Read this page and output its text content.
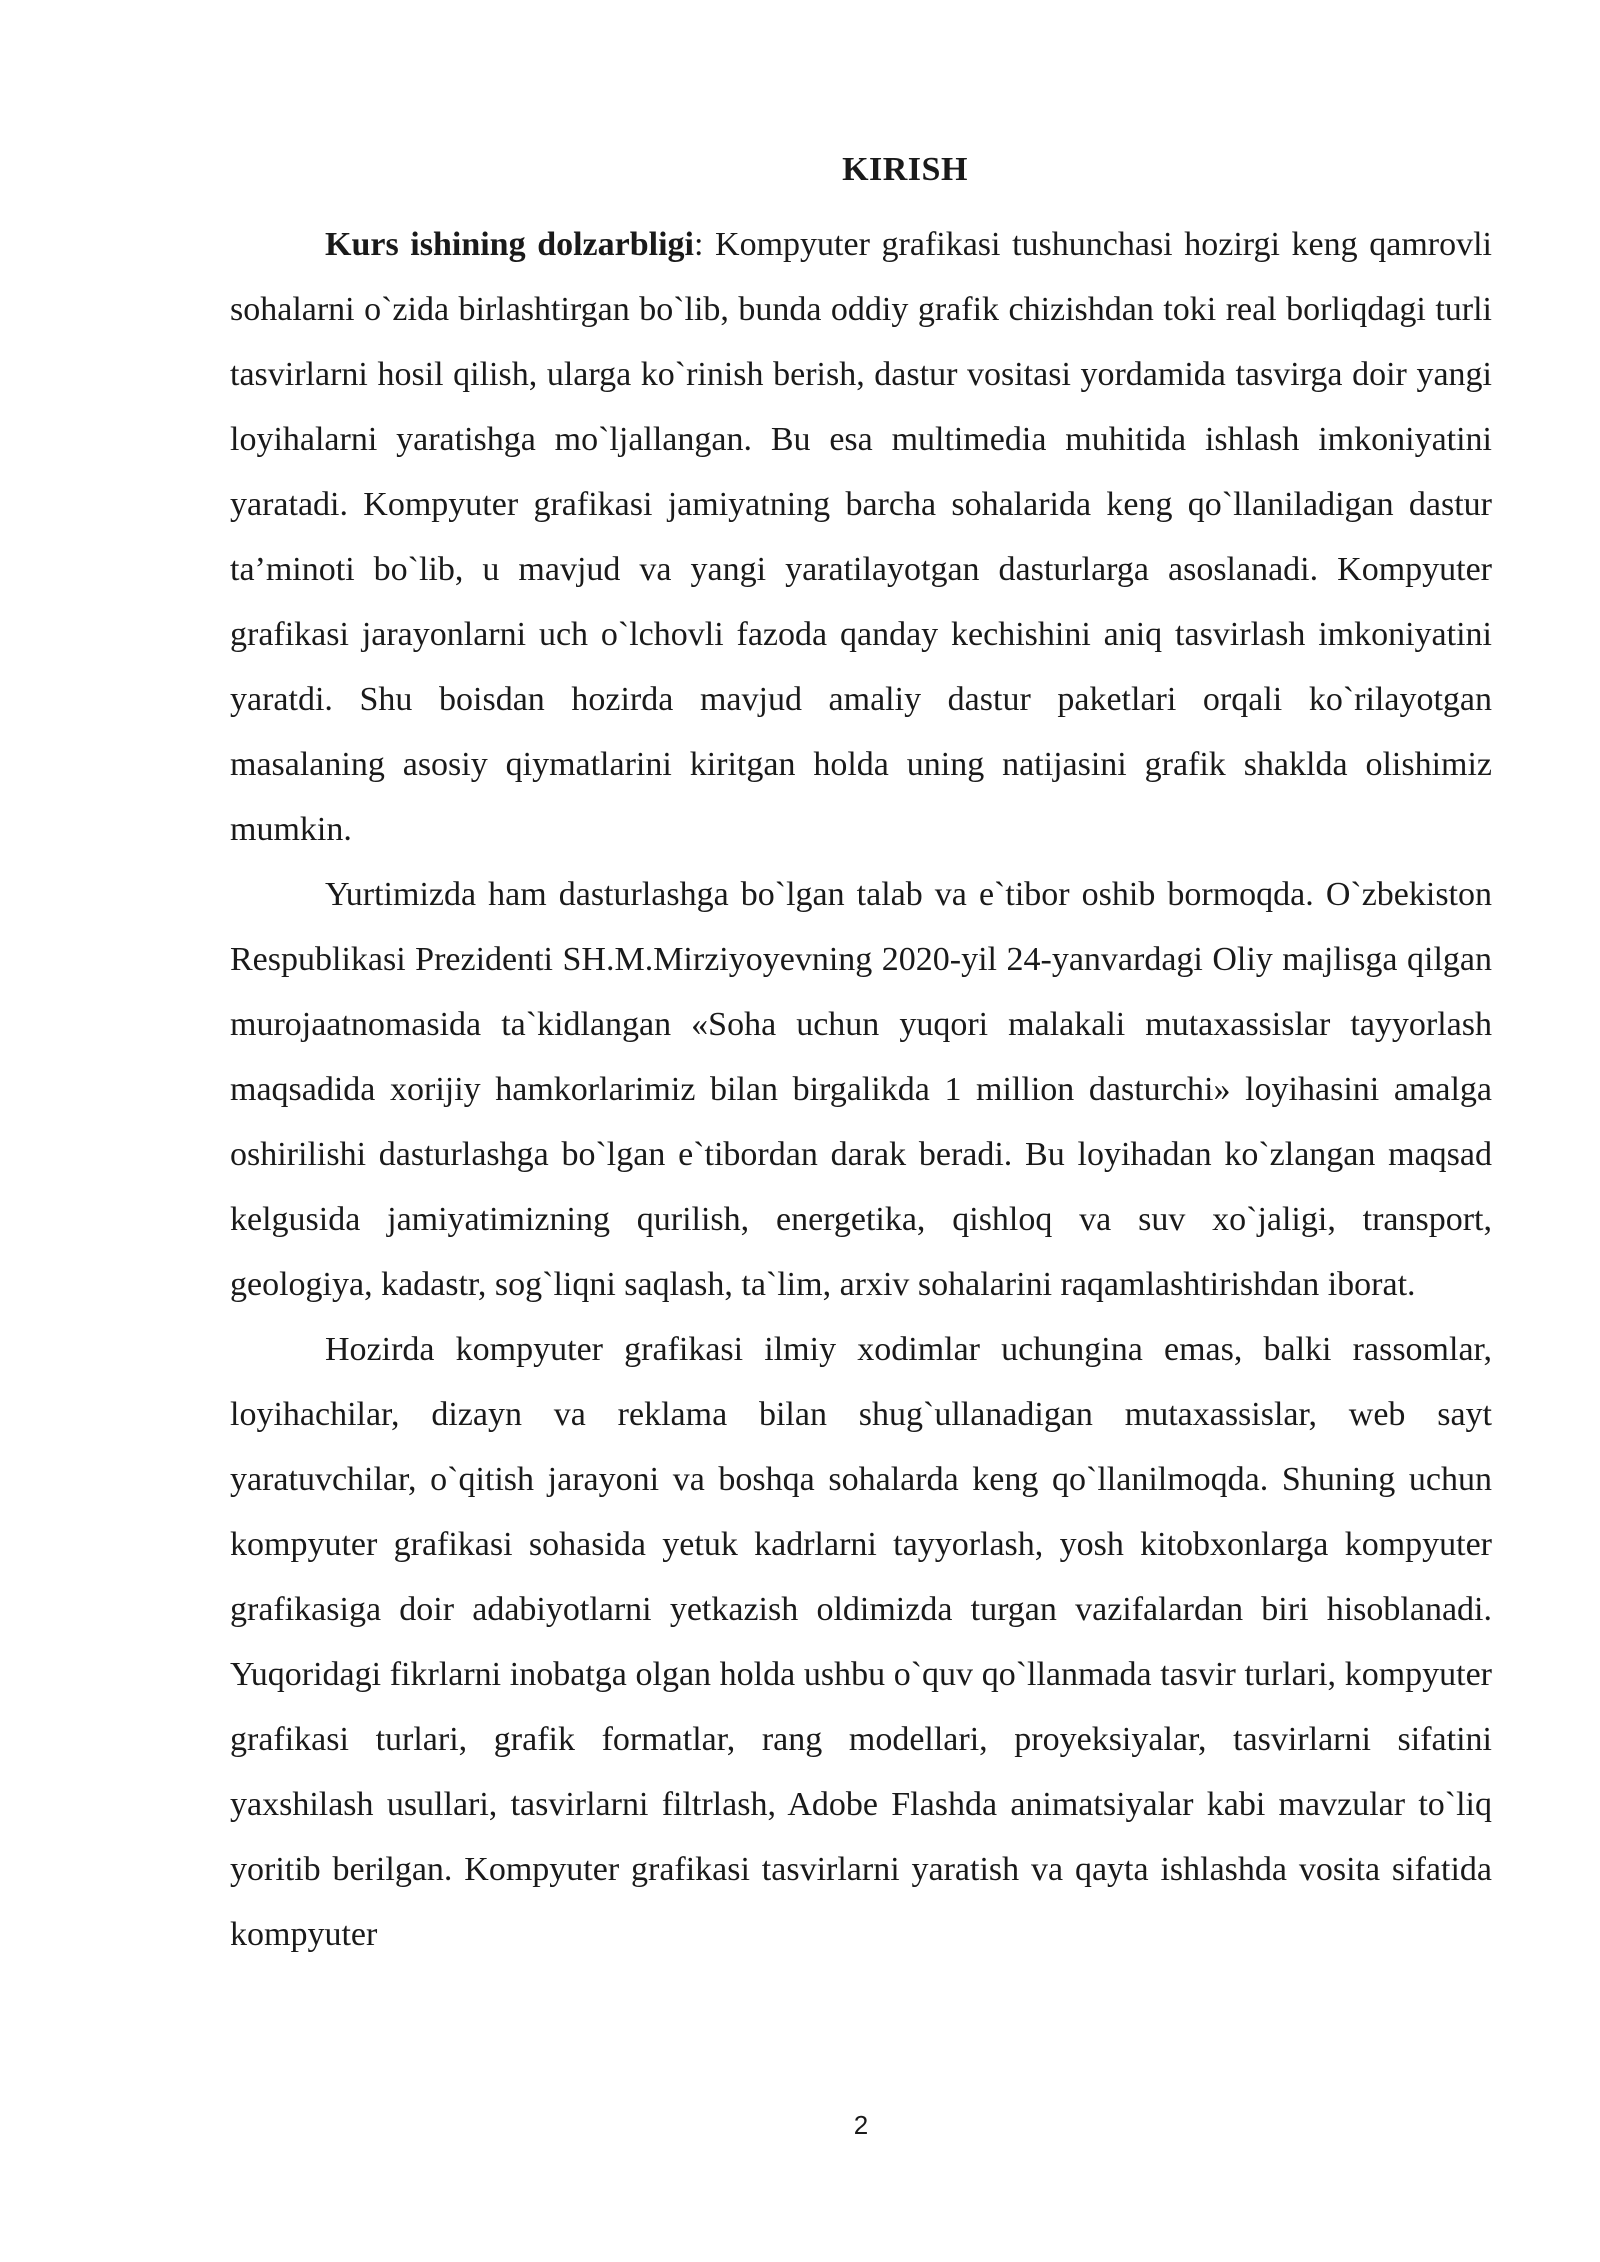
KIRISH

Kurs ishining dolzarbligi: Kompyuter grafikasi tushunchasi hozirgi keng qamrovli sohalarni o`zida birlashtirgan bo`lib, bunda oddiy grafik chizishdan toki real borliqdagi turli tasvirlarni hosil qilish, ularga ko`rinish berish, dastur vositasi yordamida tasvirga doir yangi loyihalarni yaratishga mo`ljallangan. Bu esa multimedia muhitida ishlash imkoniyatini yaratadi. Kompyuter grafikasi jamiyatning barcha sohalarida keng qo`llaniladigan dastur ta’minoti bo`lib, u mavjud va yangi yaratilayotgan dasturlarga asoslanadi. Kompyuter grafikasi jarayonlarni uch o`lchovli fazoda qanday kechishini aniq tasvirlash imkoniyatini yaratdi. Shu boisdan hozirda mavjud amaliy dastur paketlari orqali ko`rilayotgan masalaning asosiy qiymatlarini kiritgan holda uning natijasini grafik shaklda olishimiz mumkin.

Yurtimizda ham dasturlashga bo`lgan talab va e`tibor oshib bormoqda. O`zbekiston Respublikasi Prezidenti SH.M.Mirziyoyevning 2020-yil 24-yanvardagi Oliy majlisga qilgan murojaatnomasida ta`kidlangan «Soha uchun yuqori malakali mutaxassislar tayyorlash maqsadida xorijiy hamkorlarimiz bilan birgalikda 1 million dasturchi» loyihasini amalga oshirilishi dasturlashga bo`lgan e`tibordan darak beradi. Bu loyihadan ko`zlangan maqsad kelgusida jamiyatimizning qurilish, energetika, qishloq va suv xo`jaligi, transport, geologiya, kadastr, sog`liqni saqlash, ta`lim, arxiv sohalarini raqamlashtirishdan iborat.

Hozirda kompyuter grafikasi ilmiy xodimlar uchungina emas, balki rassomlar, loyihachilar, dizayn va reklama bilan shug`ullanadigan mutaxassislar, web sayt yaratuvchilar, o`qitish jarayoni va boshqa sohalarda keng qo`llanilmoqda. Shuning uchun kompyuter grafikasi sohasida yetuk kadrlarni tayyorlash, yosh kitobxonlarga kompyuter grafikasiga doir adabiyotlarni yetkazish oldimizda turgan vazifalardan biri hisoblanadi. Yuqoridagi fikrlarni inobatga olgan holda ushbu o`quv qo`llanmada tasvir turlari, kompyuter grafikasi turlari, grafik formatlar, rang modellari, proyeksiyalar, tasvirlarni sifatini yaxshilash usullari, tasvirlarni filtrlash, Adobe Flashda animatsiyalar kabi mavzular to`liq yoritib berilgan. Kompyuter grafikasi tasvirlarni yaratish va qayta ishlashda vosita sifatida kompyuter

2
